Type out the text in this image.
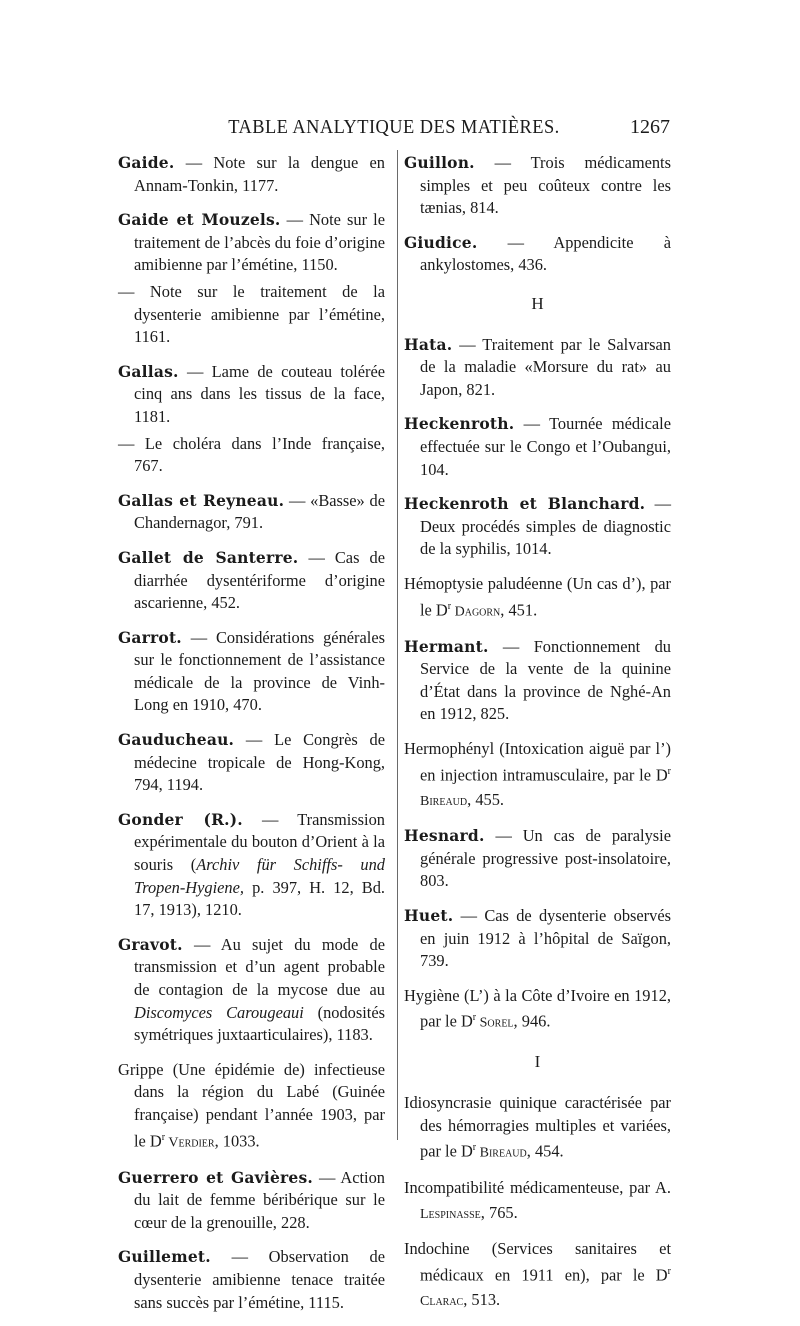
TABLE ANALYTIQUE DES MATIÈRES.	1267
Gaide. — Note sur la dengue en Annam-Tonkin, 1177.
Gaide et Mouzels. — Note sur le traitement de l’abcès du foie d’origine amibienne par l’émétine, 1150.
— Note sur le traitement de la dysenterie amibienne par l’émétine, 1161.
Gallas. — Lame de couteau tolérée cinq ans dans les tissus de la face, 1181.
— Le choléra dans l’Inde française, 767.
Gallas et Reyneau. — «Basse» de Chandernagor, 791.
Gallet de Santerre. — Cas de diarrhée dysentériforme d’origine ascarienne, 452.
Garrot. — Considérations générales sur le fonctionnement de l’assistance médicale de la province de Vinh-Long en 1910, 470.
Gauducheau. — Le Congrès de médecine tropicale de Hong-Kong, 794, 1194.
Gonder (R.). — Transmission expérimentale du bouton d’Orient à la souris (Archiv für Schiffs- und Tropen-Hygiene, p. 397, H. 12, Bd. 17, 1913), 1210.
Gravot. — Au sujet du mode de transmission et d’un agent probable de contagion de la mycose due au Discomyces Carougeaui (nodosités symétriques juxtaarticulaires), 1183.
Grippe (Une épidémie de) infectieuse dans la région du Labé (Guinée française) pendant l’année 1903, par le $D^r$ Verdier, 1033.
Guerrero et Gavières. — Action du lait de femme béribérique sur le cœur de la grenouille, 228.
Guillemet. — Observation de dysenterie amibienne tenace traitée sans succès par l’émétine, 1115.
Guillon. — Trois médicaments simples et peu coûteux contre les tænias, 814.
Giudice. — Appendicite à ankylostomes, 436.
H
Hata. — Traitement par le Salvarsan de la maladie «Morsure du rat» au Japon, 821.
Heckenroth. — Tournée médicale effectuée sur le Congo et l’Oubangui, 104.
Heckenroth et Blanchard. — Deux procédés simples de diagnostic de la syphilis, 1014.
Hémoptysie paludéenne (Un cas d’), par le $D^r$ Dagorn, 451.
Hermant. — Fonctionnement du Service de la vente de la quinine d’État dans la province de Nghé-An en 1912, 825.
Hermophényl (Intoxication aiguë par l’) en injection intramusculaire, par le $D^r$ Bireaud, 455.
Hesnard. — Un cas de paralysie générale progressive post-insolatoire, 803.
Huet. — Cas de dysenterie observés en juin 1912 à l’hôpital de Saïgon, 739.
Hygiène (L’) à la Côte d’Ivoire en 1912, par le $D^r$ Sorel, 946.
I
Idiosyncrasie quinique caractérisée par des hémorragies multiples et variées, par le $D^r$ Bireaud, 454.
Incompatibilité médicamenteuse, par A. Lespinasse, 765.
Indochine (Services sanitaires et médicaux en 1911 en), par le $D^r$ Clarac, 513.
